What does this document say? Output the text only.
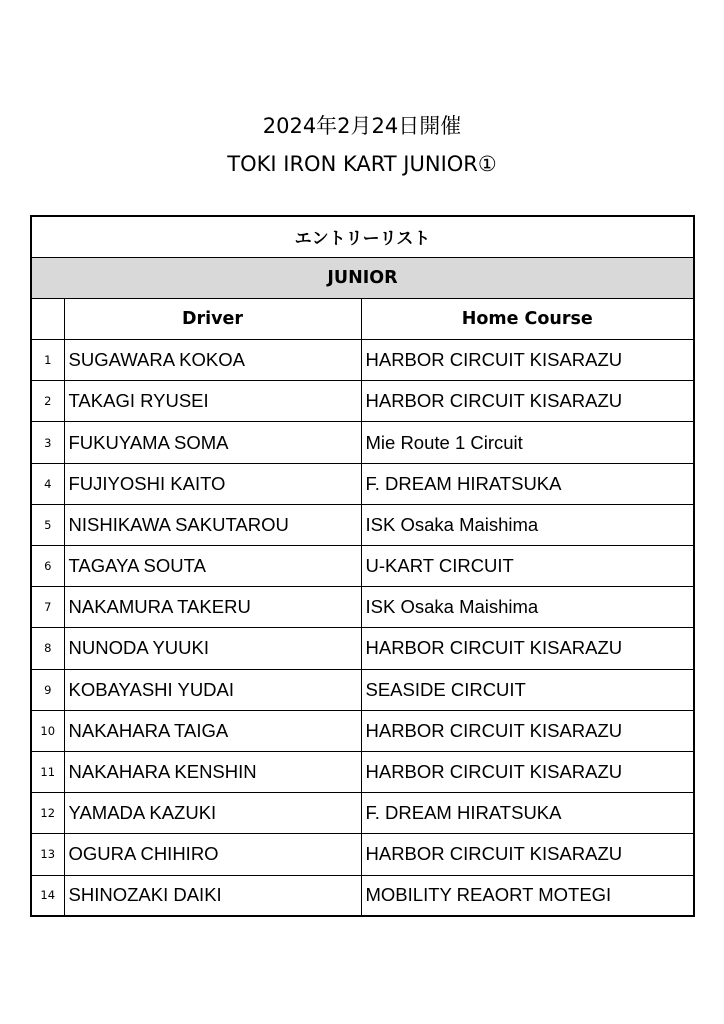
2024年2月24日開催
TOKI IRON KART JUNIOR①
エントリーリスト		
JUNIOR		
	Driver	Home Course
1	SUGAWARA KOKOA	HARBOR CIRCUIT KISARAZU
2	TAKAGI RYUSEI	HARBOR CIRCUIT KISARAZU
3	FUKUYAMA SOMA	Mie Route 1 Circuit
4	FUJIYOSHI KAITO	F. DREAM HIRATSUKA
5	NISHIKAWA SAKUTAROU	ISK Osaka Maishima
6	TAGAYA SOUTA	U-KART CIRCUIT
7	NAKAMURA TAKERU	ISK Osaka Maishima
8	NUNODA YUUKI	HARBOR CIRCUIT KISARAZU
9	KOBAYASHI YUDAI	SEASIDE CIRCUIT
10	NAKAHARA TAIGA	HARBOR CIRCUIT KISARAZU
11	NAKAHARA KENSHIN	HARBOR CIRCUIT KISARAZU
12	YAMADA KAZUKI	F. DREAM HIRATSUKA
13	OGURA CHIHIRO	HARBOR CIRCUIT KISARAZU
14	SHINOZAKI DAIKI	MOBILITY REAORT MOTEGI
